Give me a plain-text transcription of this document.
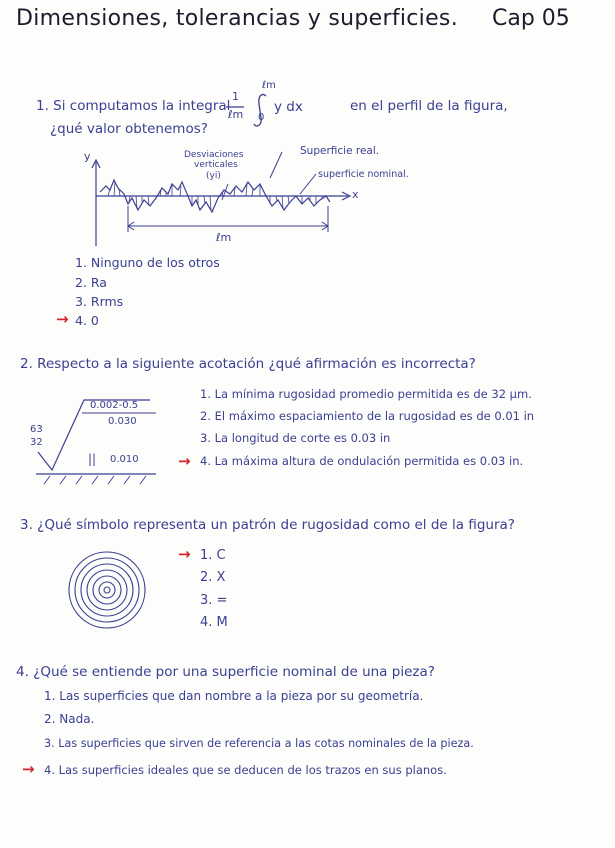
Dimensiones, tolerancias y superficies. Cap 05
1. Si computamos la integral
1
ℓm
ℓm
0
y dx	en el perfil de la figura,
¿qué valor obtenemos?
y
x
Desviaciones
verticales
(yi)
Superficie real.
superficie nominal.
ℓm
1. Ninguno de los otros
2. Ra
3. Rrms
→ 4. 0
2. Respecto a la siguiente acotación ¿qué afirmación es incorrecta?
0.002-0.5
0.030
63
32
|| 0.010
1. La mínima rugosidad promedio permitida es de 32 µm.
2. El máximo espaciamiento de la rugosidad es de 0.01 in
3. La longitud de corte es 0.03 in
→ 4. La máxima altura de ondulación permitida es 0.03 in.
3. ¿Qué símbolo representa un patrón de rugosidad como el de la figura?
→ 1. C
2. X
3. =
4. M
4. ¿Qué se entiende por una superficie nominal de una pieza?
1. Las superficies que dan nombre a la pieza por su geometría.
2. Nada.
3. Las superficies que sirven de referencia a las cotas nominales de la pieza.
→ 4. Las superficies ideales que se deducen de los trazos en sus planos.
